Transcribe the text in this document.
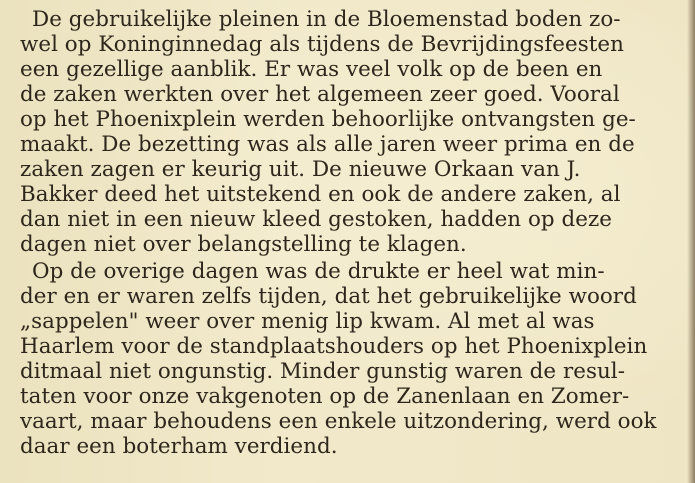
De gebruikelijke pleinen in de Bloemenstad boden zo-
wel op Koninginnedag als tijdens de Bevrijdingsfeesten
een gezellige aanblik. Er was veel volk op de been en
de zaken werkten over het algemeen zeer goed. Vooral
op het Phoenixplein werden behoorlijke ontvangsten ge-
maakt. De bezetting was als alle jaren weer prima en de
zaken zagen er keurig uit. De nieuwe Orkaan van J.
Bakker deed het uitstekend en ook de andere zaken, al
dan niet in een nieuw kleed gestoken, hadden op deze
dagen niet over belangstelling te klagen.
Op de overige dagen was de drukte er heel wat min-
der en er waren zelfs tijden, dat het gebruikelijke woord
„sappelen" weer over menig lip kwam. Al met al was
Haarlem voor de standplaatshouders op het Phoenixplein
ditmaal niet ongunstig. Minder gunstig waren de resul-
taten voor onze vakgenoten op de Zanenlaan en Zomer-
vaart, maar behoudens een enkele uitzondering, werd ook
daar een boterham verdiend.
